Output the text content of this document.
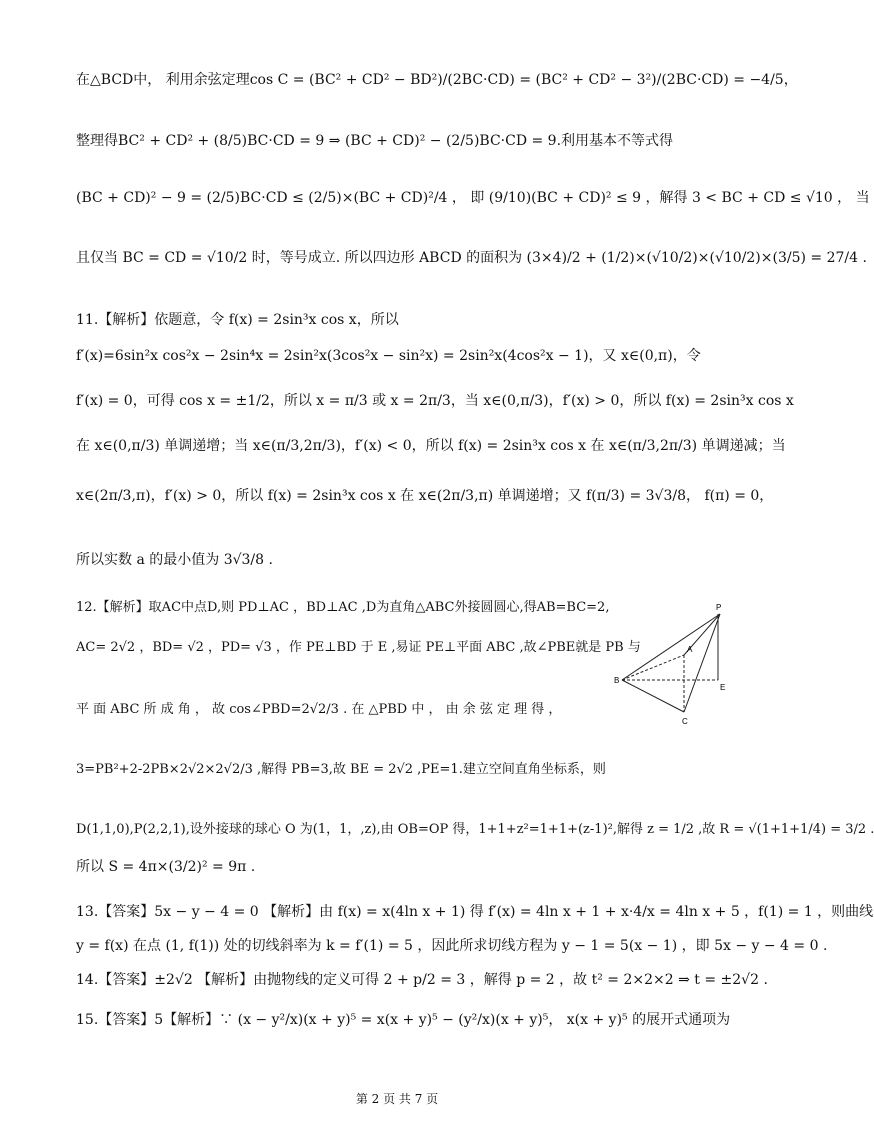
在△BCD中， 利用余弦定理cos C = (BC² + CD² − BD²)/(2BC·CD) = (BC² + CD² − 3²)/(2BC·CD) = −4/5，
整理得BC² + CD² + (8/5)BC·CD = 9 ⇒ (BC + CD)² − (2/5)BC·CD = 9.利用基本不等式得
(BC + CD)² − 9 = (2/5)BC·CD ≤ (2/5)×(BC + CD)²/4 ， 即 (9/10)(BC + CD)² ≤ 9 ，解得 3 < BC + CD ≤ √10 ， 当
且仅当 BC = CD = √10/2 时，等号成立. 所以四边形 ABCD 的面积为 (3×4)/2 + (1/2)×(√10/2)×(√10/2)×(3/5) = 27/4 .
11.【解析】依题意，令 f(x) = 2sin³x cos x，所以
f′(x)=6sin²x cos²x − 2sin⁴x = 2sin²x(3cos²x − sin²x) = 2sin²x(4cos²x − 1)，又 x∈(0,π)，令
f′(x) = 0，可得 cos x = ±1/2，所以 x = π/3 或 x = 2π/3，当 x∈(0,π/3)，f′(x) > 0，所以 f(x) = 2sin³x cos x
在 x∈(0,π/3) 单调递增；当 x∈(π/3,2π/3)，f′(x) < 0，所以 f(x) = 2sin³x cos x 在 x∈(π/3,2π/3) 单调递减；当
x∈(2π/3,π)，f′(x) > 0，所以 f(x) = 2sin³x cos x 在 x∈(2π/3,π) 单调递增；又 f(π/3) = 3√3/8， f(π) = 0，
所以实数 a 的最小值为 3√3/8 .
12.【解析】取AC中点D,则 PD⊥AC ，BD⊥AC ,D为直角△ABC外接圆圆心,得AB=BC=2,
AC= 2√2 ，BD= √2 ，PD= √3 ，作 PE⊥BD 于 E ,易证 PE⊥平面 ABC ,故∠PBE就是 PB 与
平 面 ABC 所 成 角 ， 故 cos∠PBD=2√2/3 . 在 △PBD 中 ， 由 余 弦 定 理 得 ，
3=PB²+2-2PB×2√2×2√2/3 ,解得 PB=3,故 BE = 2√2 ,PE=1.建立空间直角坐标系，则
D(1,1,0),P(2,2,1),设外接球的球心 O 为(1，1，,z),由 OB=OP 得，1+1+z²=1+1+(z-1)²,解得 z = 1/2 ,故 R = √(1+1+1/4) = 3/2 .
所以 S = 4π×(3/2)² = 9π .
13.【答案】5x − y − 4 = 0 【解析】由 f(x) = x(4ln x + 1) 得 f′(x) = 4ln x + 1 + x·4/x = 4ln x + 5 ，f(1) = 1 ，则曲线
y = f(x) 在点 (1, f(1)) 处的切线斜率为 k = f′(1) = 5 ，因此所求切线方程为 y − 1 = 5(x − 1) ，即 5x − y − 4 = 0 .
14.【答案】±2√2 【解析】由抛物线的定义可得 2 + p/2 = 3 ，解得 p = 2 ，故 t² = 2×2×2 ⇒ t = ±2√2 .
15.【答案】5【解析】∵ (x − y²/x)(x + y)⁵ = x(x + y)⁵ − (y²/x)(x + y)⁵， x(x + y)⁵ 的展开式通项为
P
A
B
E
C
第 2 页 共 7 页
